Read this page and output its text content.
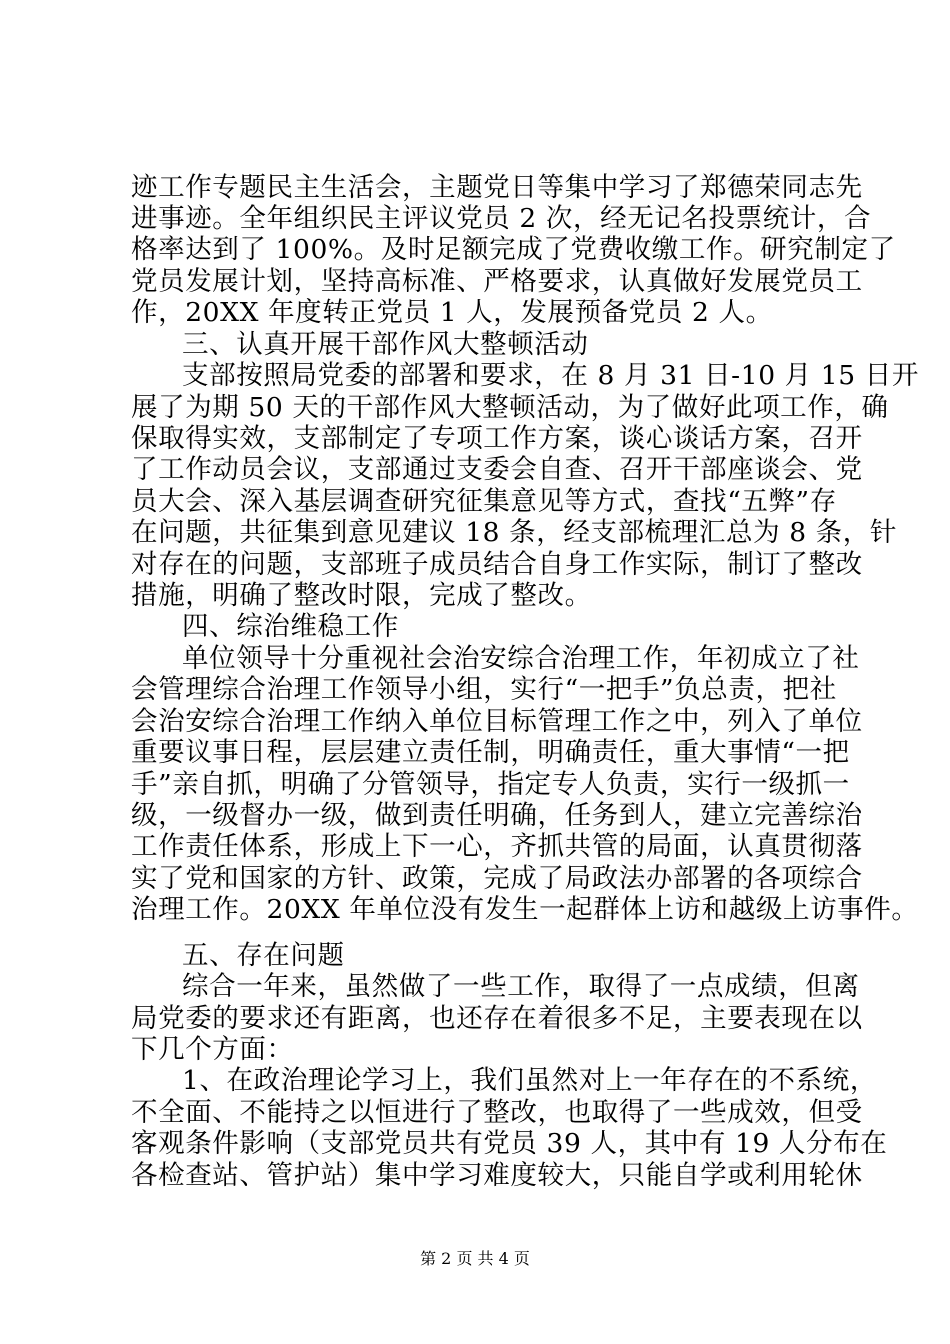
迹工作专题民主生活会，主题党日等集中学习了郑德荣同志先
进事迹。全年组织民主评议党员 2 次，经无记名投票统计，合
格率达到了 100%。及时足额完成了党费收缴工作。研究制定了
党员发展计划，坚持高标准、严格要求，认真做好发展党员工
作，20XX 年度转正党员 1 人，发展预备党员 2 人。
三、认真开展干部作风大整顿活动
支部按照局党委的部署和要求，在 8 月 31 日-10 月 15 日开
展了为期 50 天的干部作风大整顿活动，为了做好此项工作，确
保取得实效，支部制定了专项工作方案，谈心谈话方案，召开
了工作动员会议，支部通过支委会自查、召开干部座谈会、党
员大会、深入基层调查研究征集意见等方式，查找“五弊”存
在问题，共征集到意见建议 18 条，经支部梳理汇总为 8 条，针
对存在的问题，支部班子成员结合自身工作实际，制订了整改
措施，明确了整改时限，完成了整改。
四、综治维稳工作
单位领导十分重视社会治安综合治理工作，年初成立了社
会管理综合治理工作领导小组，实行“一把手”负总责，把社
会治安综合治理工作纳入单位目标管理工作之中，列入了单位
重要议事日程，层层建立责任制，明确责任，重大事情“一把
手”亲自抓，明确了分管领导，指定专人负责，实行一级抓一
级，一级督办一级，做到责任明确，任务到人，建立完善综治
工作责任体系，形成上下一心，齐抓共管的局面，认真贯彻落
实了党和国家的方针、政策，完成了局政法办部署的各项综合
治理工作。20XX 年单位没有发生一起群体上访和越级上访事件。
五、存在问题
综合一年来，虽然做了一些工作，取得了一点成绩，但离
局党委的要求还有距离，也还存在着很多不足，主要表现在以
下几个方面：
1、在政治理论学习上，我们虽然对上一年存在的不系统，
不全面、不能持之以恒进行了整改，也取得了一些成效，但受
客观条件影响（支部党员共有党员 39 人，其中有 19 人分布在
各检查站、管护站）集中学习难度较大，只能自学或利用轮休
第 2 页 共 4 页
